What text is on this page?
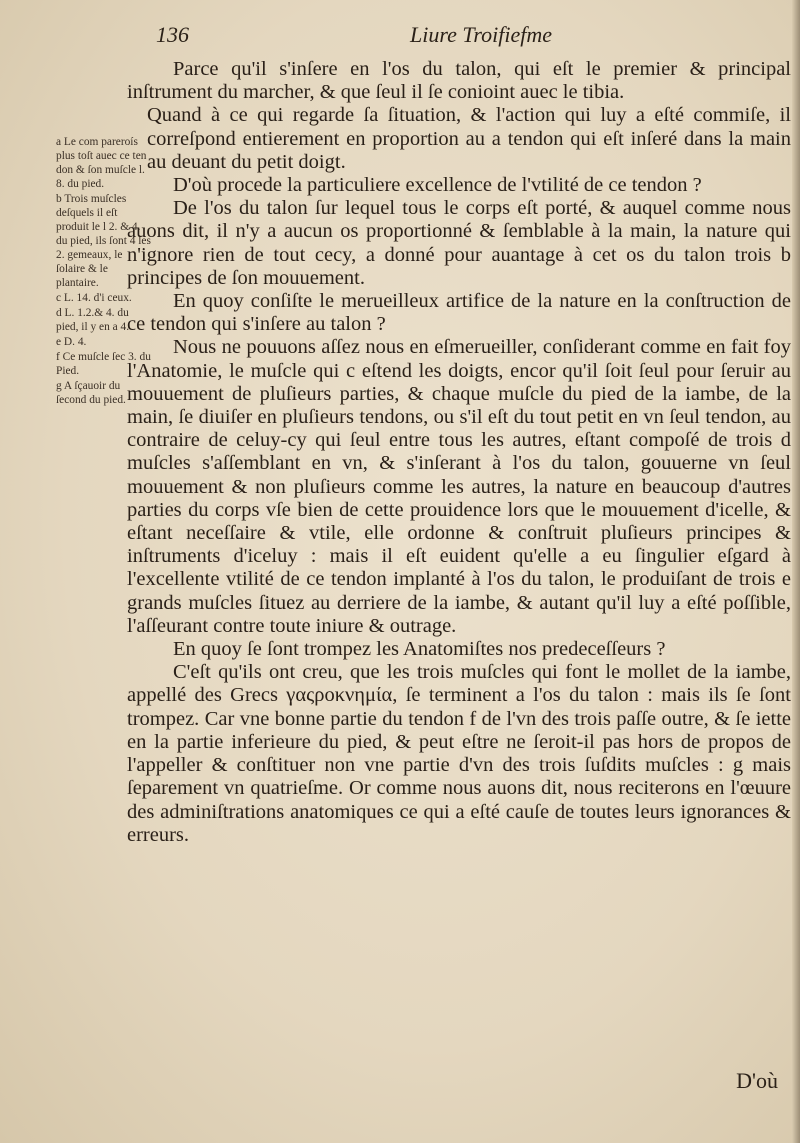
136	Liure Troifiefme
a Le com pareroís plus toſt auec ce ten don & ſon muſcle l. 8. du pied.
b Trois muſcles deſquels il eſt produit le l 2. & 4. du pied, ils ſont 4 les 2. gemeaux, le ſolaire & le plantaire.
c L. 14. d'i ceux.
d L. 1.2.& 4. du pied, il y en a 4.
e D. 4.
f Ce muſcle ſec 3. du Pied.
g A ſçauoir du ſecond du pied.

Parce qu'il s'inſere en l'os du talon, qui eſt le premier & principal inſtrument du marcher, & que ſeul il ſe conioint auec le tibia.

Quand à ce qui regarde ſa ſituation, & l'action qui luy a eſté commiſe, il correſpond entierement en proportion au a tendon qui eſt inſeré dans la main au deuant du petit doigt.

D'où procede la particuliere excellence de l'vtilité de ce tendon ?

De l'os du talon ſur lequel tous le corps eſt porté, & auquel comme nous auons dit, il n'y a aucun os proportionné & ſemblable à la main, la nature qui n'ignore rien de tout cecy, a donné pour auantage à cet os du talon trois b principes de ſon mouuement.

En quoy conſiſte le merueilleux artifice de la nature en la conſtruction de ce tendon qui s'inſere au talon ?

Nous ne pouuons aſſez nous en eſmerueiller, conſiderant comme en fait foy l'Anatomie, le muſcle qui c eſtend les doigts, encor qu'il ſoit ſeul pour ſeruir au mouuement de pluſieurs parties, & chaque muſcle du pied de la iambe, de la main, ſe diuiſer en pluſieurs tendons, ou s'il eſt du tout petit en vn ſeul tendon, au contraire de celuy-cy qui ſeul entre tous les autres, eſtant compoſé de trois d muſcles s'aſſemblant en vn, & s'inſerant à l'os du talon, gouuerne vn ſeul mouuement & non pluſieurs comme les autres, la nature en beaucoup d'autres parties du corps vſe bien de cette prouidence lors que le mouuement d'icelle, & eſtant neceſſaire & vtile, elle ordonne & conſtruit pluſieurs principes & inſtruments d'iceluy : mais il eſt euident qu'elle a eu ſingulier eſgard à l'excellente vtilité de ce tendon implanté à l'os du talon, le produiſant de trois e grands muſcles ſituez au derriere de la iambe, & autant qu'il luy a eſté poſſible, l'aſſeurant contre toute iniure & outrage.

En quoy ſe ſont trompez les Anatomiſtes nos predeceſſeurs ?

C'eſt qu'ils ont creu, que les trois muſcles qui font le mollet de la iambe, appellé des Grecs γαςροκνημία, ſe terminent a l'os du talon : mais ils ſe ſont trompez. Car vne bonne partie du tendon f de l'vn des trois paſſe outre, & ſe iette en la partie inferieure du pied, & peut eſtre ne ſeroit-il pas hors de propos de l'appeller & conſtituer non vne partie d'vn des trois ſuſdits muſcles : g mais ſeparement vn quatrieſme. Or comme nous auons dit, nous reciterons en l'œuure des adminiſtrations anatomiques ce qui a eſté cauſe de toutes leurs ignorances & erreurs.

D'où
